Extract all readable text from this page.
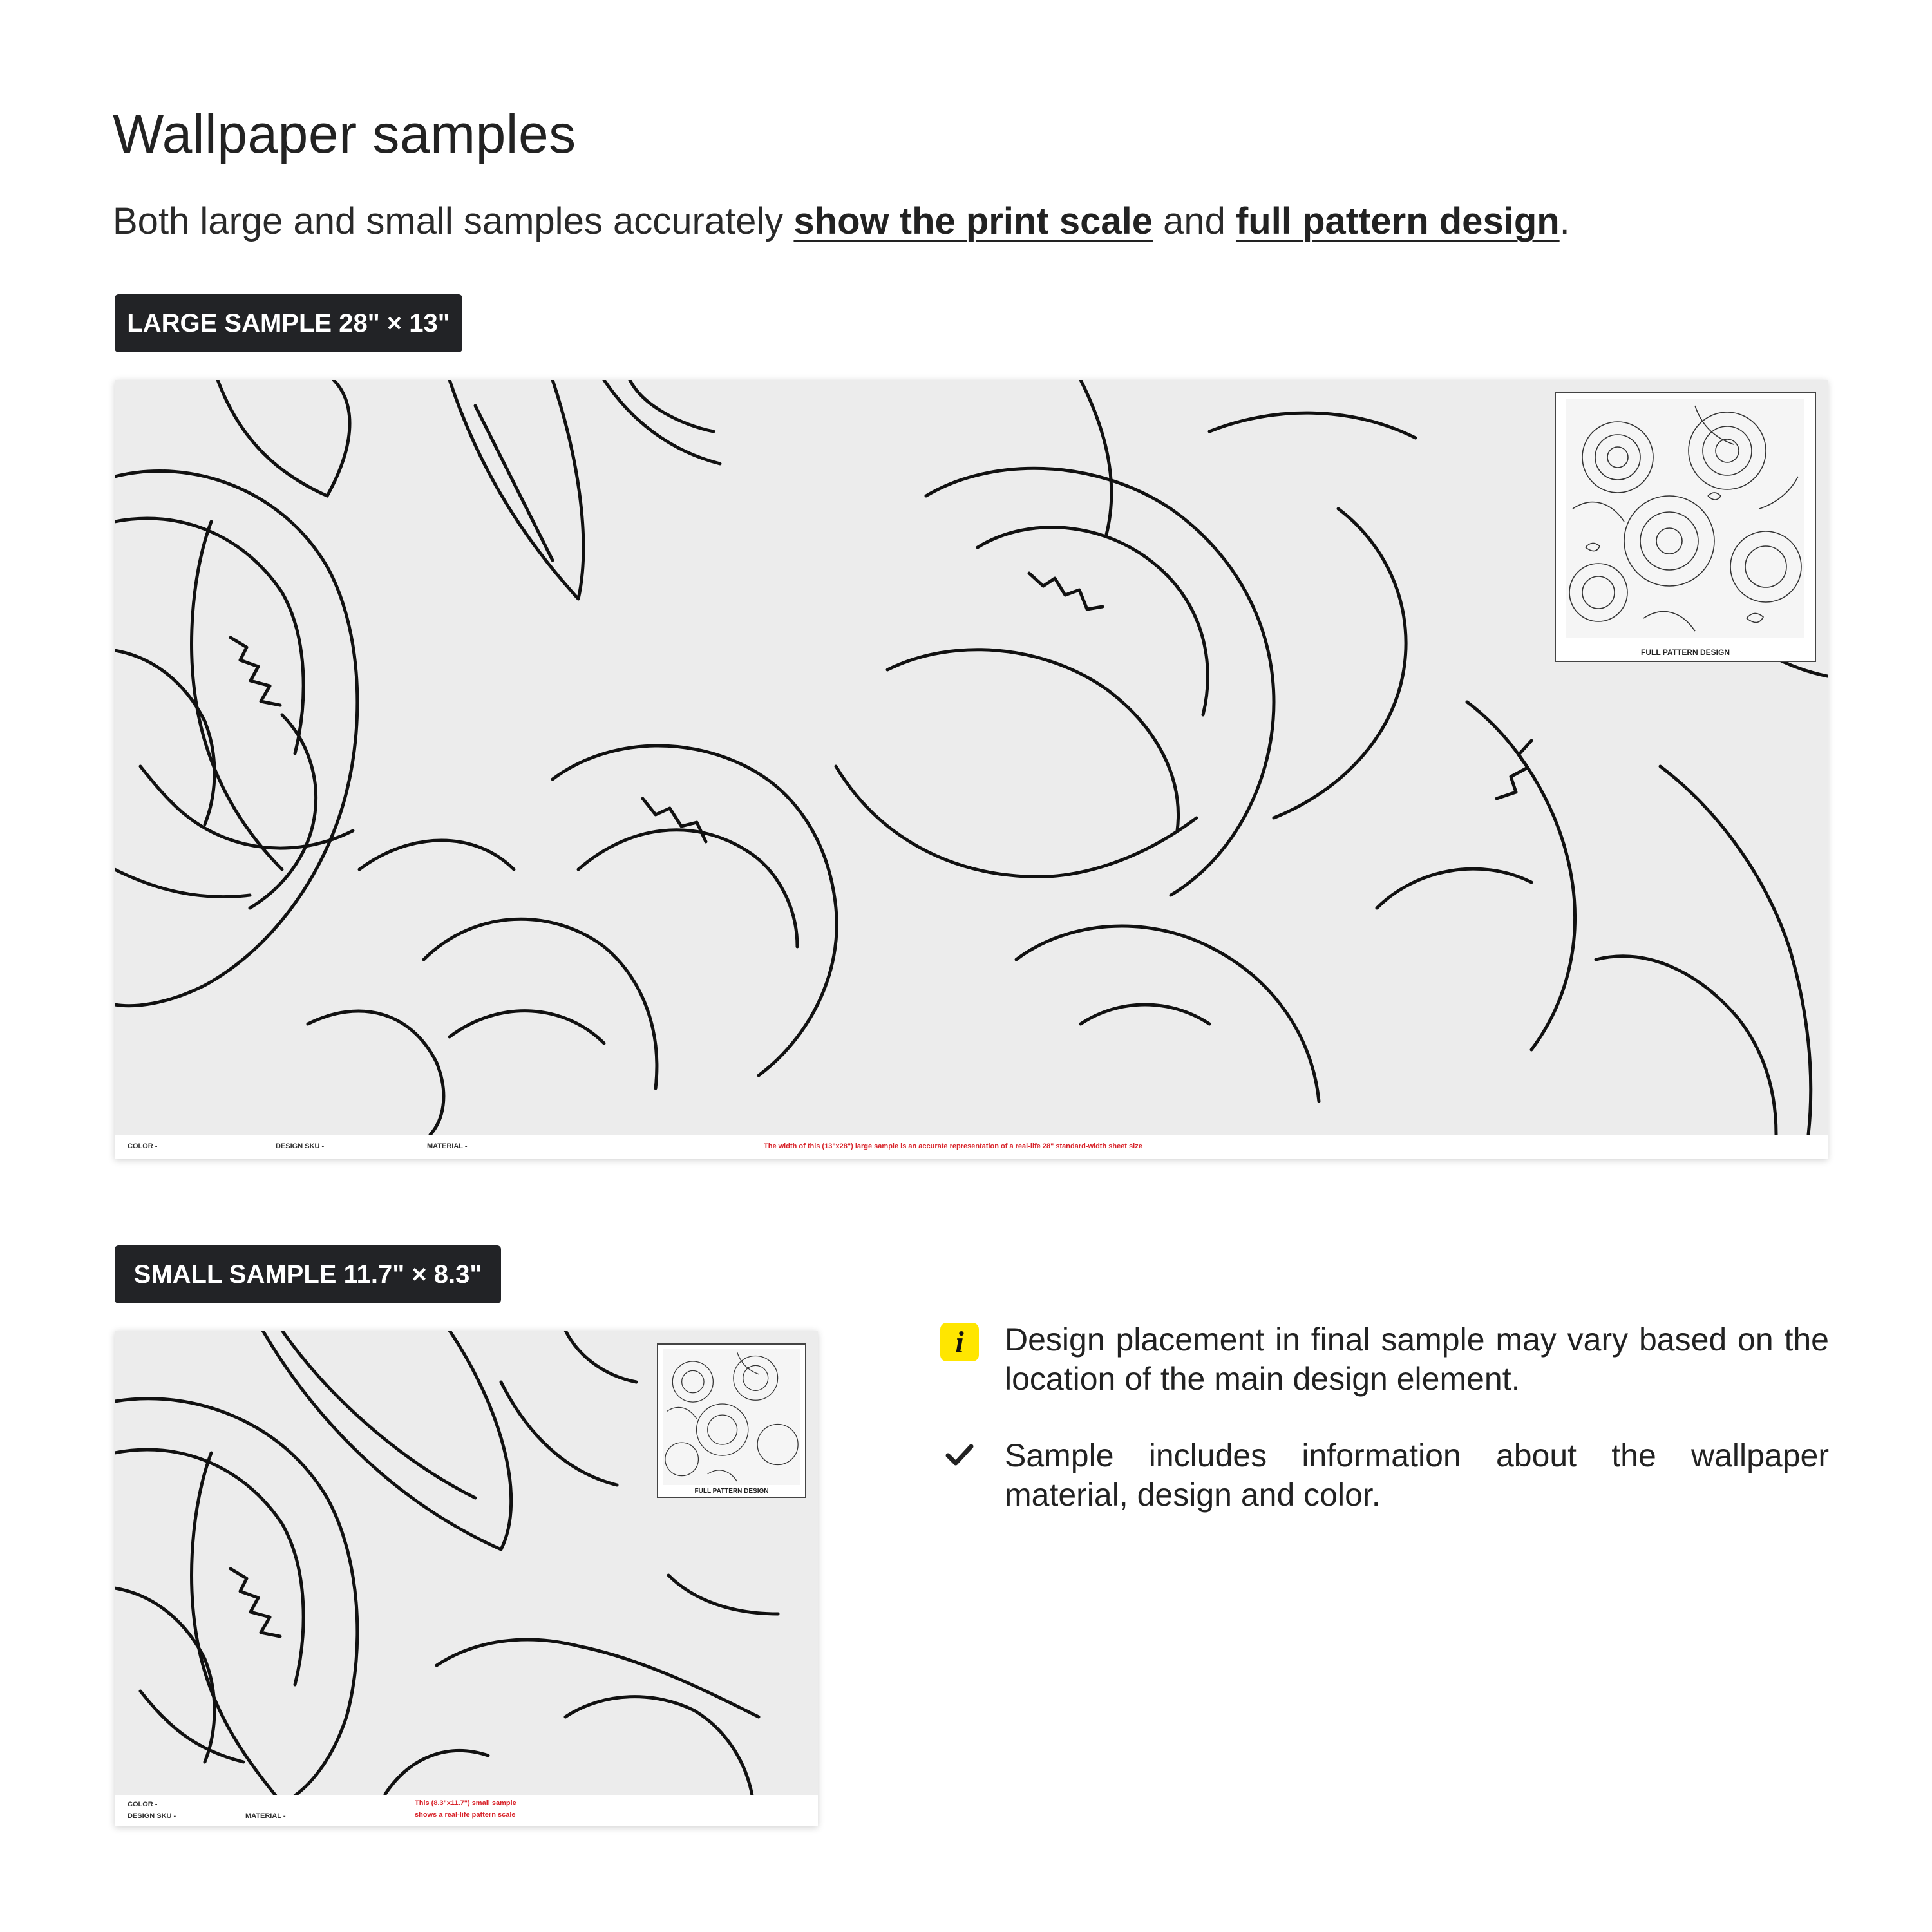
Wallpaper samples

Both large and small samples accurately show the print scale and full pattern design.

LARGE SAMPLE 28" × 13"
FULL PATTERN DESIGN
COLOR -	DESIGN SKU -	MATERIAL -	The width of this (13"x28") large sample is an accurate representation of a real-life 28" standard-width sheet size
SMALL SAMPLE 11.7" × 8.3"
FULL PATTERN DESIGN
COLOR -
DESIGN SKU -	MATERIAL -
This (8.3"x11.7") small sample
shows a real-life pattern scale
i	Design placement in final sample may vary based on the location of the main design element.

Sample includes information about the wallpaper material, design and color.
